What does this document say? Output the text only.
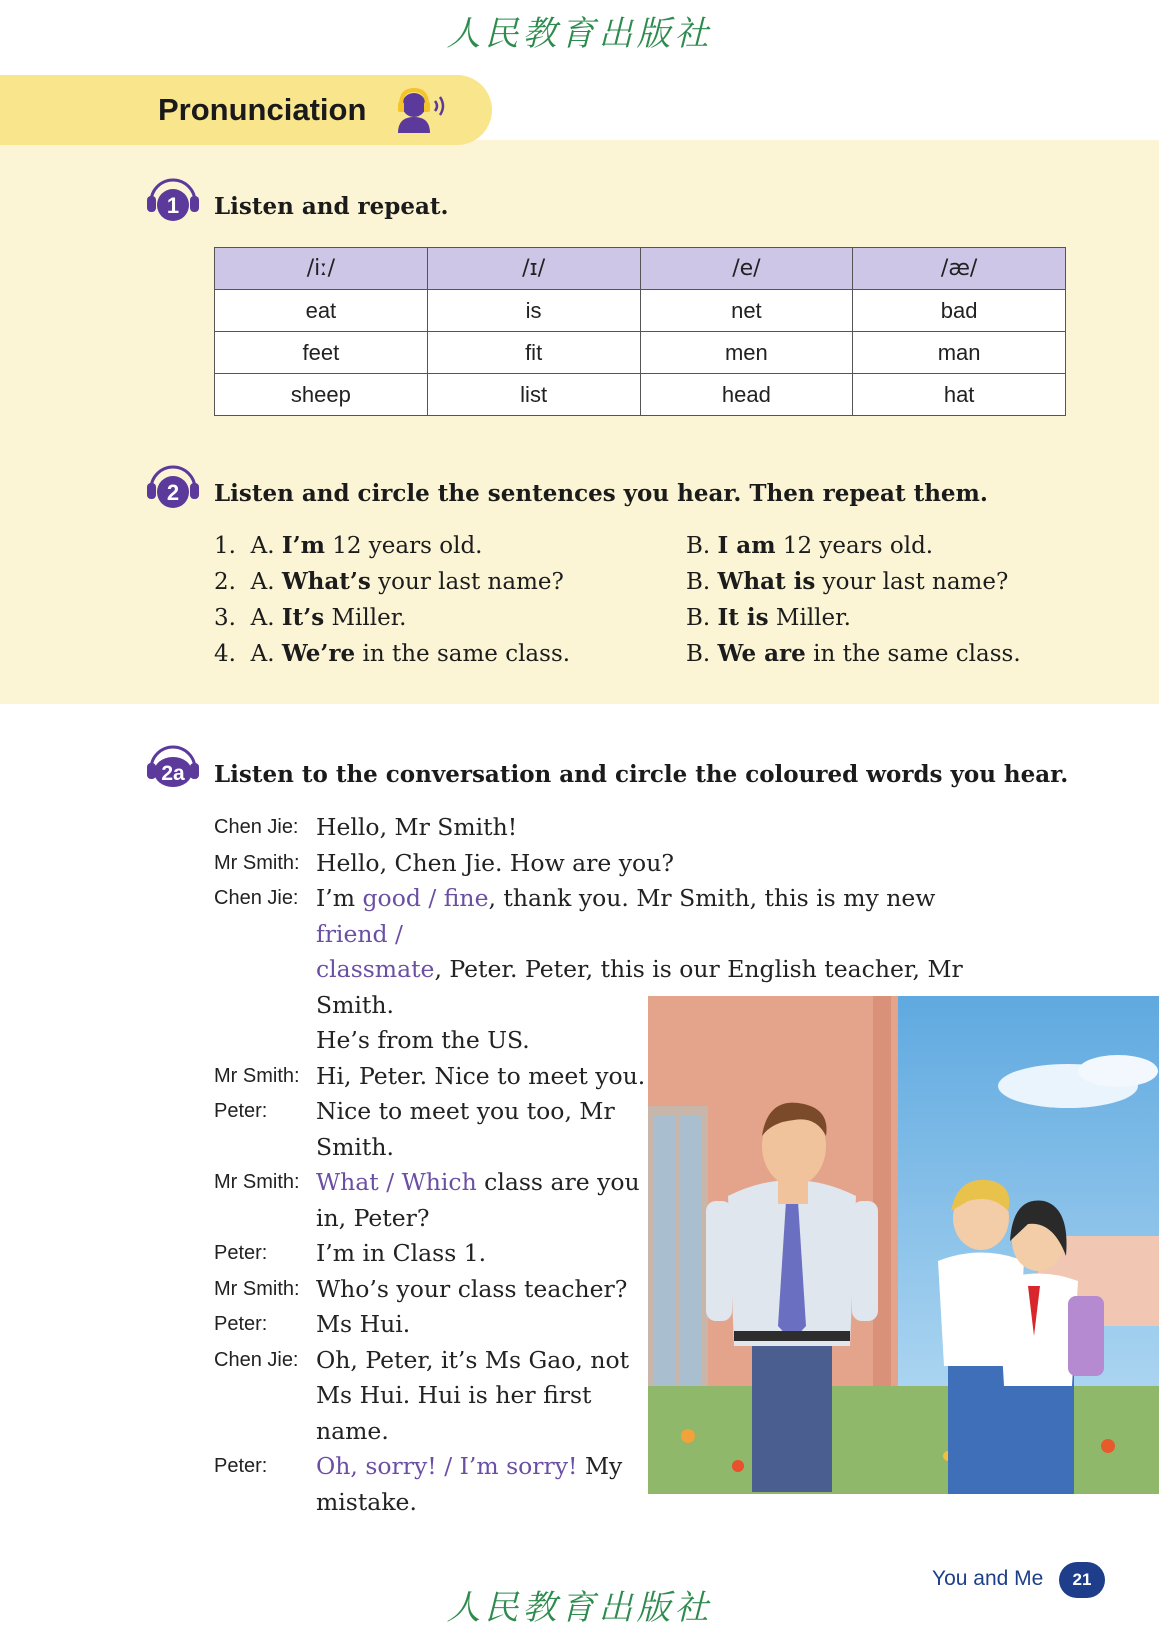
人民教育出版社
Pronunciation
1 Listen and repeat.
/iː/	/ɪ/	/e/	/æ/
eat	is	net	bad
feet	fit	men	man
sheep	list	head	hat
2 Listen and circle the sentences you hear. Then repeat them.
1. A. I’m 12 years old.	B. I am 12 years old.
2. A. What’s your last name?	B. What is your last name?
3. A. It’s Miller.	B. It is Miller.
4. A. We’re in the same class.	B. We are in the same class.
2a Listen to the conversation and circle the coloured words you hear.
Chen Jie: Hello, Mr Smith!
Mr Smith: Hello, Chen Jie. How are you?
Chen Jie: I’m good / fine, thank you. Mr Smith, this is my new friend /
classmate, Peter. Peter, this is our English teacher, Mr Smith.
He’s from the US.
Mr Smith: Hi, Peter. Nice to meet you.
Peter: Nice to meet you too, Mr
Smith.
Mr Smith: What / Which class are you
in, Peter?
Peter: I’m in Class 1.
Mr Smith: Who’s your class teacher?
Peter: Ms Hui.
Chen Jie: Oh, Peter, it’s Ms Gao, not
Ms Hui. Hui is her first
name.
Peter: Oh, sorry! / I’m sorry! My
mistake.
You and Me	21
人民教育出版社
